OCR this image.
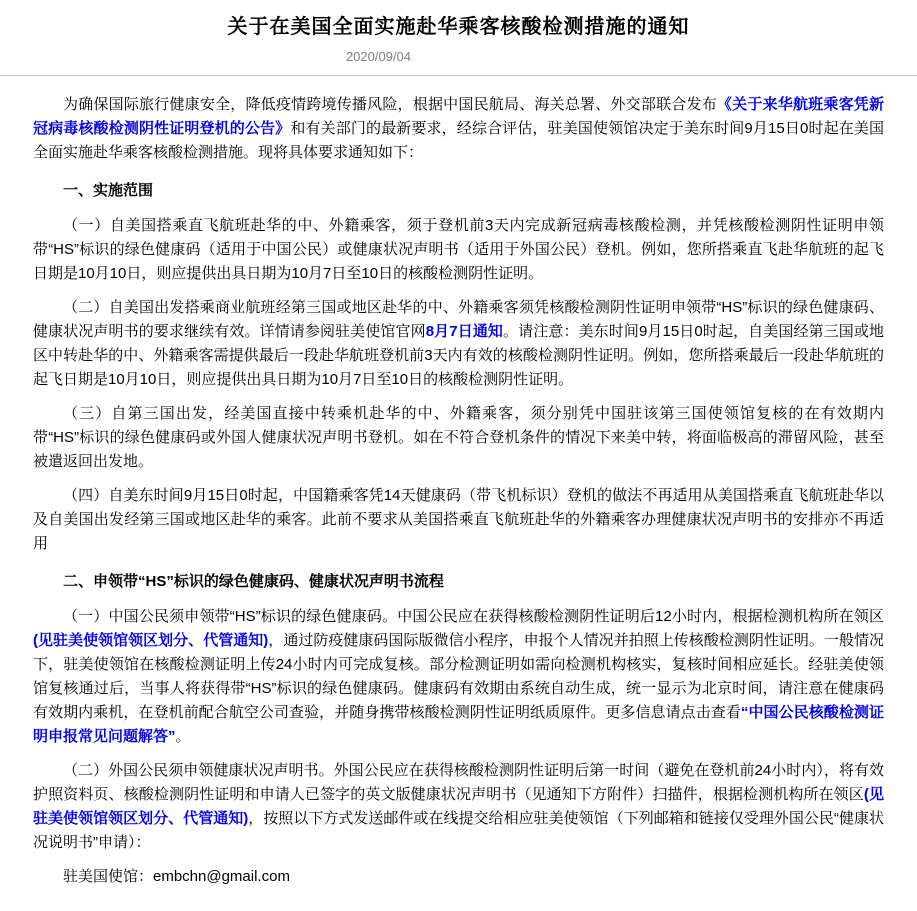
关于在美国全面实施赴华乘客核酸检测措施的通知
2020/09/04

为确保国际旅行健康安全，降低疫情跨境传播风险，根据中国民航局、海关总署、外交部联合发布《关于来华航班乘客凭新冠病毒核酸检测阴性证明登机的公告》和有关部门的最新要求，经综合评估，驻美国使领馆决定于美东时间9月15日0时起在美国全面实施赴华乘客核酸检测措施。现将具体要求通知如下：

一、实施范围

（一）自美国搭乘直飞航班赴华的中、外籍乘客，须于登机前3天内完成新冠病毒核酸检测，并凭核酸检测阴性证明申领带“HS”标识的绿色健康码（适用于中国公民）或健康状况声明书（适用于外国公民）登机。例如，您所搭乘直飞赴华航班的起飞日期是10月10日，则应提供出具日期为10月7日至10日的核酸检测阴性证明。

（二）自美国出发搭乘商业航班经第三国或地区赴华的中、外籍乘客须凭核酸检测阴性证明申领带“HS”标识的绿色健康码、健康状况声明书的要求继续有效。详情请参阅驻美使馆官网8月7日通知。请注意：美东时间9月15日0时起，自美国经第三国或地区中转赴华的中、外籍乘客需提供最后一段赴华航班登机前3天内有效的核酸检测阴性证明。例如，您所搭乘最后一段赴华航班的起飞日期是10月10日，则应提供出具日期为10月7日至10日的核酸检测阴性证明。

（三）自第三国出发，经美国直接中转乘机赴华的中、外籍乘客，须分别凭中国驻该第三国使领馆复核的在有效期内带“HS”标识的绿色健康码或外国人健康状况声明书登机。如在不符合登机条件的情况下来美中转，将面临极高的滞留风险，甚至被遣返回出发地。

（四）自美东时间9月15日0时起，中国籍乘客凭14天健康码（带飞机标识）登机的做法不再适用从美国搭乘直飞航班赴华以及自美国出发经第三国或地区赴华的乘客。此前不要求从美国搭乘直飞航班赴华的外籍乘客办理健康状况声明书的安排亦不再适用

二、申领带“HS”标识的绿色健康码、健康状况声明书流程

（一）中国公民须申领带“HS”标识的绿色健康码。中国公民应在获得核酸检测阴性证明后12小时内，根据检测机构所在领区 (见驻美使领馆领区划分、代管通知)，通过防疫健康码国际版微信小程序，申报个人情况并拍照上传核酸检测阴性证明。一般情况下，驻美使领馆在核酸检测证明上传24小时内可完成复核。部分检测证明如需向检测机构核实，复核时间相应延长。经驻美使领馆复核通过后，当事人将获得带“HS”标识的绿色健康码。健康码有效期由系统自动生成，统一显示为北京时间，请注意在健康码有效期内乘机，在登机前配合航空公司查验，并随身携带核酸检测阴性证明纸质原件。更多信息请点击查看“中国公民核酸检测证明申报常见问题解答”。

（二）外国公民须申领健康状况声明书。外国公民应在获得核酸检测阴性证明后第一时间（避免在登机前24小时内），将有效护照资料页、核酸检测阴性证明和申请人已签字的英文版健康状况声明书（见通知下方附件）扫描件，根据检测机构所在领区(见驻美使领馆领区划分、代管通知)，按照以下方式发送邮件或在线提交给相应驻美使领馆（下列邮箱和链接仅受理外国公民“健康状况说明书”申请）：

驻美国使馆：embchn@gmail.com
